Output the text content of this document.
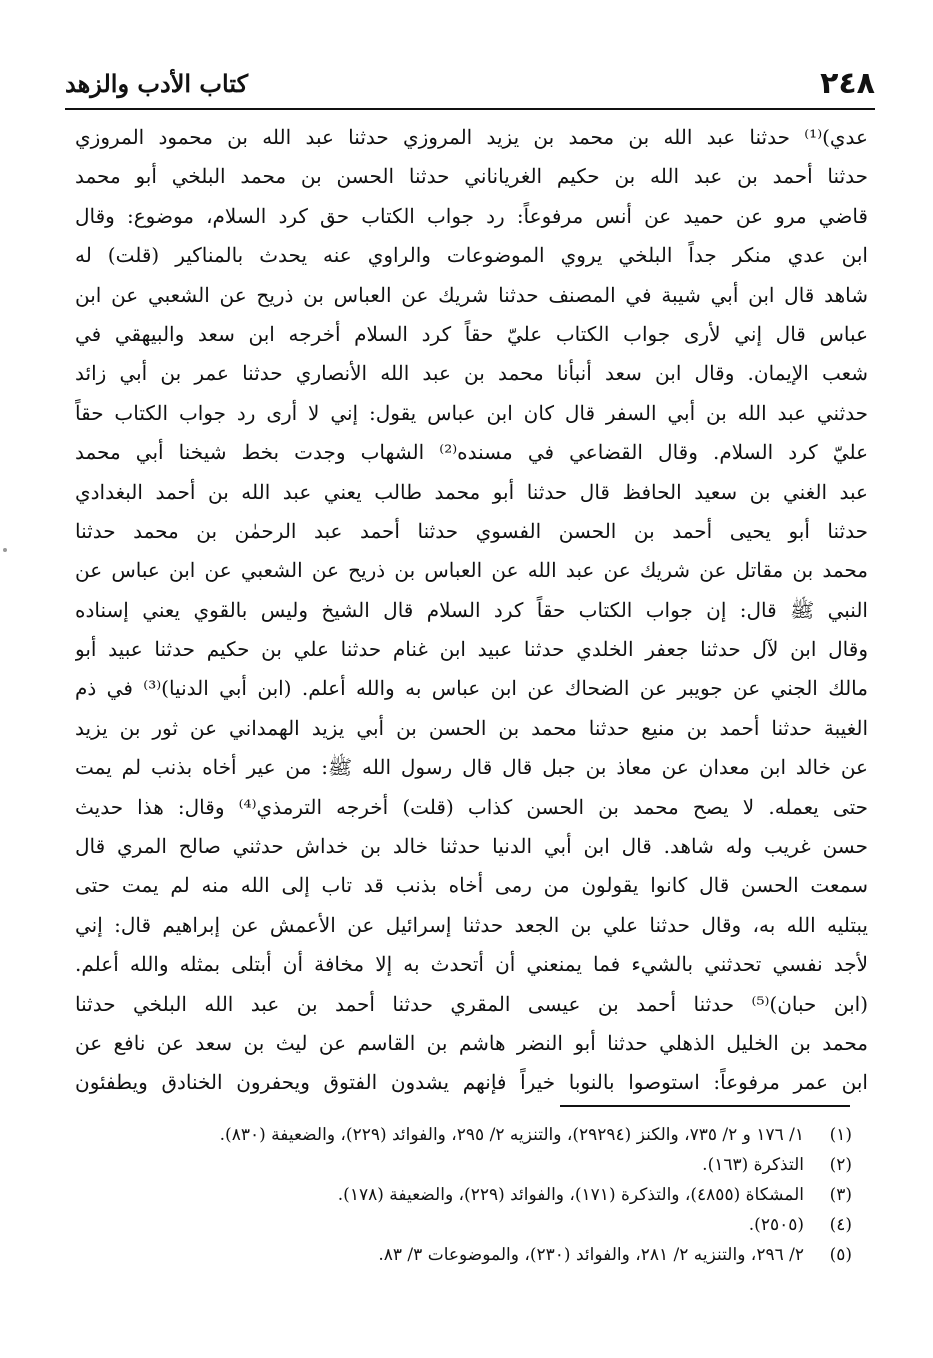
٢٤٨
كتاب الأدب والزهد
عدي)⁽¹⁾ حدثنا عبد الله بن محمد بن يزيد المروزي حدثنا عبد الله بن محمود المروزي
حدثنا أحمد بن عبد الله بن حكيم الغرياناني حدثنا الحسن بن محمد البلخي أبو محمد
قاضي مرو عن حميد عن أنس مرفوعاً: رد جواب الكتاب حق كرد السلام، موضوع: وقال
ابن عدي منكر جداً البلخي يروي الموضوعات والراوي عنه يحدث بالمناكير (قلت) له
شاهد قال ابن أبي شيبة في المصنف حدثنا شريك عن العباس بن ذريح عن الشعبي عن ابن
عباس قال إني لأرى جواب الكتاب عليّ حقاً كرد السلام أخرجه ابن سعد والبيهقي في
شعب الإيمان. وقال ابن سعد أنبأنا محمد بن عبد الله الأنصاري حدثنا عمر بن أبي زائد
حدثني عبد الله بن أبي السفر قال كان ابن عباس يقول: إني لا أرى رد جواب الكتاب حقاً
عليّ كرد السلام. وقال القضاعي في مسنده⁽²⁾ الشهاب وجدت بخط شيخنا أبي محمد
عبد الغني بن سعيد الحافظ قال حدثنا أبو محمد طالب يعني عبد الله بن أحمد البغدادي
حدثنا أبو يحيى أحمد بن الحسن الفسوي حدثنا أحمد عبد الرحمٰن بن محمد حدثنا
محمد بن مقاتل عن شريك عن عبد الله عن العباس بن ذريح عن الشعبي عن ابن عباس عن
النبي ﷺ قال: إن جواب الكتاب حقاً كرد السلام قال الشيخ وليس بالقوي يعني إسناده
وقال ابن لآل حدثنا جعفر الخلدي حدثنا عبيد ابن غنام حدثنا علي بن حكيم حدثنا عبيد أبو
مالك الجني عن جويبر عن الضحاك عن ابن عباس به والله أعلم. (ابن أبي الدنيا)⁽³⁾ في ذم
الغيبة حدثنا أحمد بن منيع حدثنا محمد بن الحسن بن أبي يزيد الهمداني عن ثور بن يزيد
عن خالد ابن معدان عن معاذ بن جبل قال قال رسول الله ﷺ: من عير أخاه بذنب لم يمت
حتى يعمله. لا يصح محمد بن الحسن كذاب (قلت) أخرجه الترمذي⁽⁴⁾ وقال: هذا حديث
حسن غريب وله شاهد. قال ابن أبي الدنيا حدثنا خالد بن خداش حدثني صالح المري قال
سمعت الحسن قال كانوا يقولون من رمى أخاه بذنب قد تاب إلى الله منه لم يمت حتى
يبتليه الله به، وقال حدثنا علي بن الجعد حدثنا إسرائيل عن الأعمش عن إبراهيم قال: إني
لأجد نفسي تحدثني بالشيء فما يمنعني أن أتحدث به إلا مخافة أن أبتلى بمثله والله أعلم.
(ابن حبان)⁽⁵⁾ حدثنا أحمد بن عيسى المقري حدثنا أحمد بن عبد الله البلخي حدثنا
محمد بن الخليل الذهلي حدثنا أبو النضر هاشم بن القاسم عن ليث بن سعد عن نافع عن
ابن عمر مرفوعاً: استوصوا بالنوبا خيراً فإنهم يشدون الفتوق ويحفرون الخنادق ويطفئون
(١)
١/ ١٧٦ و ٢/ ٧٣٥، والكنز (٢٩٢٩٤)، والتنزيه ٢/ ٢٩٥، والفوائد (٢٢٩)، والضعيفة (٨٣٠).
(٢)
التذكرة (١٦٣).
(٣)
المشكاة (٤٨٥٥)، والتذكرة (١٧١)، والفوائد (٢٢٩)، والضعيفة (١٧٨).
(٤)
(٢٥٠٥).
(٥)
٢/ ٢٩٦، والتنزيه ٢/ ٢٨١، والفوائد (٢٣٠)، والموضوعات ٣/ ٨٣.
